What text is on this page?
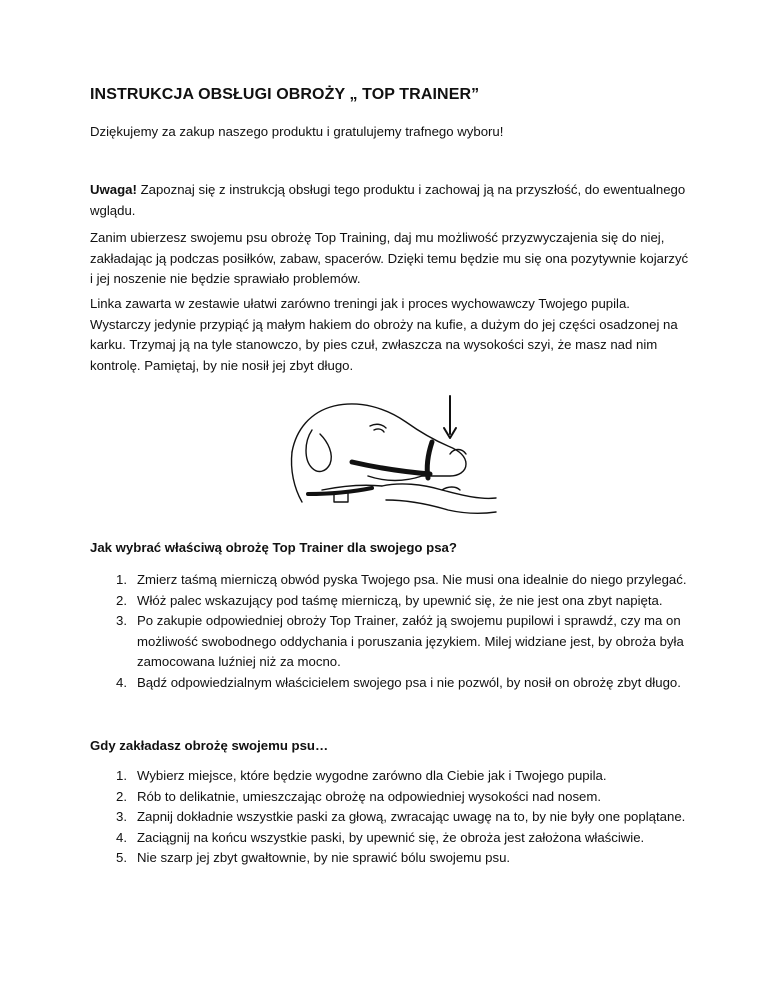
INSTRUKCJA OBSŁUGI OBROŻY „ TOP TRAINER”

Dziękujemy za zakup naszego produktu i gratulujemy trafnego wyboru!

Uwaga! Zapoznaj się z instrukcją obsługi tego produktu i zachowaj ją na przyszłość, do ewentualnego wglądu.

Zanim ubierzesz swojemu psu obrożę Top Training, daj mu możliwość przyzwyczajenia się do niej, zakładając ją podczas posiłków, zabaw, spacerów. Dzięki temu będzie mu się ona pozytywnie kojarzyć i jej noszenie nie będzie sprawiało problemów.

Linka zawarta w zestawie ułatwi zarówno treningi jak i proces wychowawczy Twojego pupila. Wystarczy jedynie przypiąć ją małym hakiem do obroży na kufie, a dużym do jej części osadzonej na karku. Trzymaj ją na tyle stanowczo, by pies czuł, zwłaszcza na wysokości szyi, że masz nad nim kontrolę. Pamiętaj, by nie nosił jej zbyt długo.

Jak wybrać właściwą obrożę Top Trainer dla swojego psa?
1. Zmierz taśmą mierniczą obwód pyska Twojego psa. Nie musi ona idealnie do niego przylegać.
2. Włóż palec wskazujący pod taśmę mierniczą, by upewnić się, że nie jest ona zbyt napięta.
3. Po zakupie odpowiedniej obroży Top Trainer, załóż ją swojemu pupilowi i sprawdź, czy ma on możliwość swobodnego oddychania i poruszania językiem. Milej widziane jest, by obroża była zamocowana luźniej niż za mocno.
4. Bądź odpowiedzialnym właścicielem swojego psa i nie pozwól, by nosił on obrożę zbyt długo.
Gdy zakładasz obrożę swojemu psu…
1. Wybierz miejsce, które będzie wygodne zarówno dla Ciebie jak i Twojego pupila.
2. Rób to delikatnie, umieszczając obrożę na odpowiedniej wysokości nad nosem.
3. Zapnij dokładnie wszystkie paski za głową, zwracając uwagę na to, by nie były one poplątane.
4. Zaciągnij na końcu wszystkie paski, by upewnić się, że obroża jest założona właściwie.
5. Nie szarp jej zbyt gwałtownie, by nie sprawić bólu swojemu psu.
